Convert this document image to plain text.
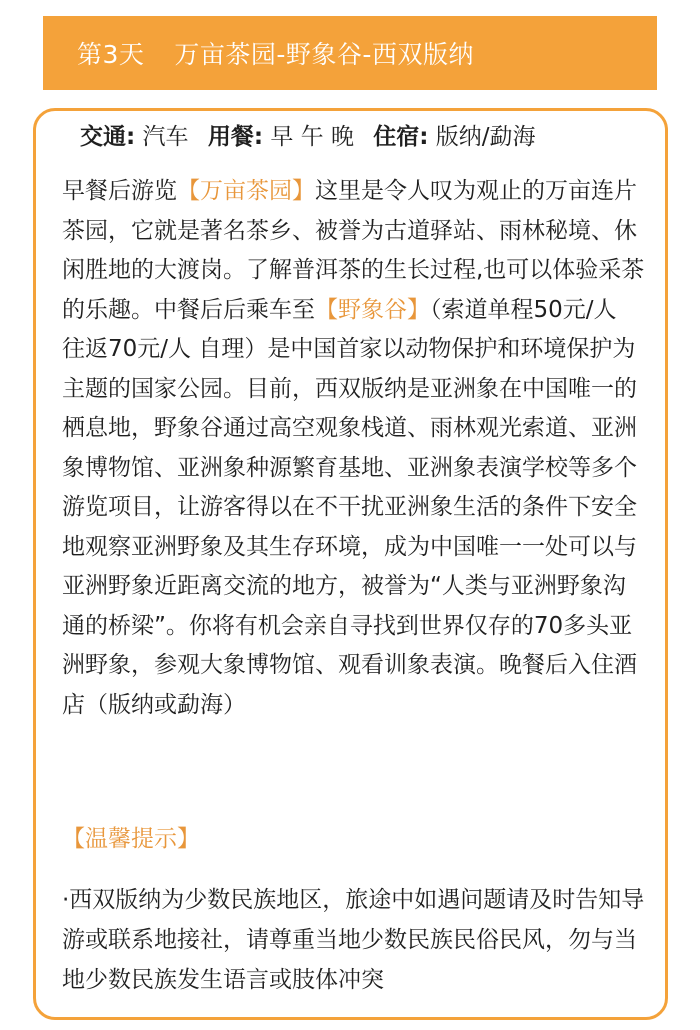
第3天 万亩茶园-野象谷-西双版纳
交通: 汽车 用餐: 早 午 晚 住宿: 版纳/勐海

早餐后游览【万亩茶园】这里是令人叹为观止的万亩连片茶园，它就是著名茶乡、被誉为古道驿站、雨林秘境、休闲胜地的大渡岗。了解普洱茶的生长过程,也可以体验采茶的乐趣。中餐后后乘车至【野象谷】（索道单程50元/人 往返70元/人 自理）是中国首家以动物保护和环境保护为主题的国家公园。目前，西双版纳是亚洲象在中国唯一的栖息地，野象谷通过高空观象栈道、雨林观光索道、亚洲象博物馆、亚洲象种源繁育基地、亚洲象表演学校等多个游览项目，让游客得以在不干扰亚洲象生活的条件下安全地观察亚洲野象及其生存环境，成为中国唯一一处可以与亚洲野象近距离交流的地方，被誉为“人类与亚洲野象沟通的桥梁”。你将有机会亲自寻找到世界仅存的70多头亚洲野象，参观大象博物馆、观看训象表演。晚餐后入住酒店（版纳或勐海）

【温馨提示】

·西双版纳为少数民族地区，旅途中如遇问题请及时告知导游或联系地接社，请尊重当地少数民族民俗民风，勿与当地少数民族发生语言或肢体冲突
